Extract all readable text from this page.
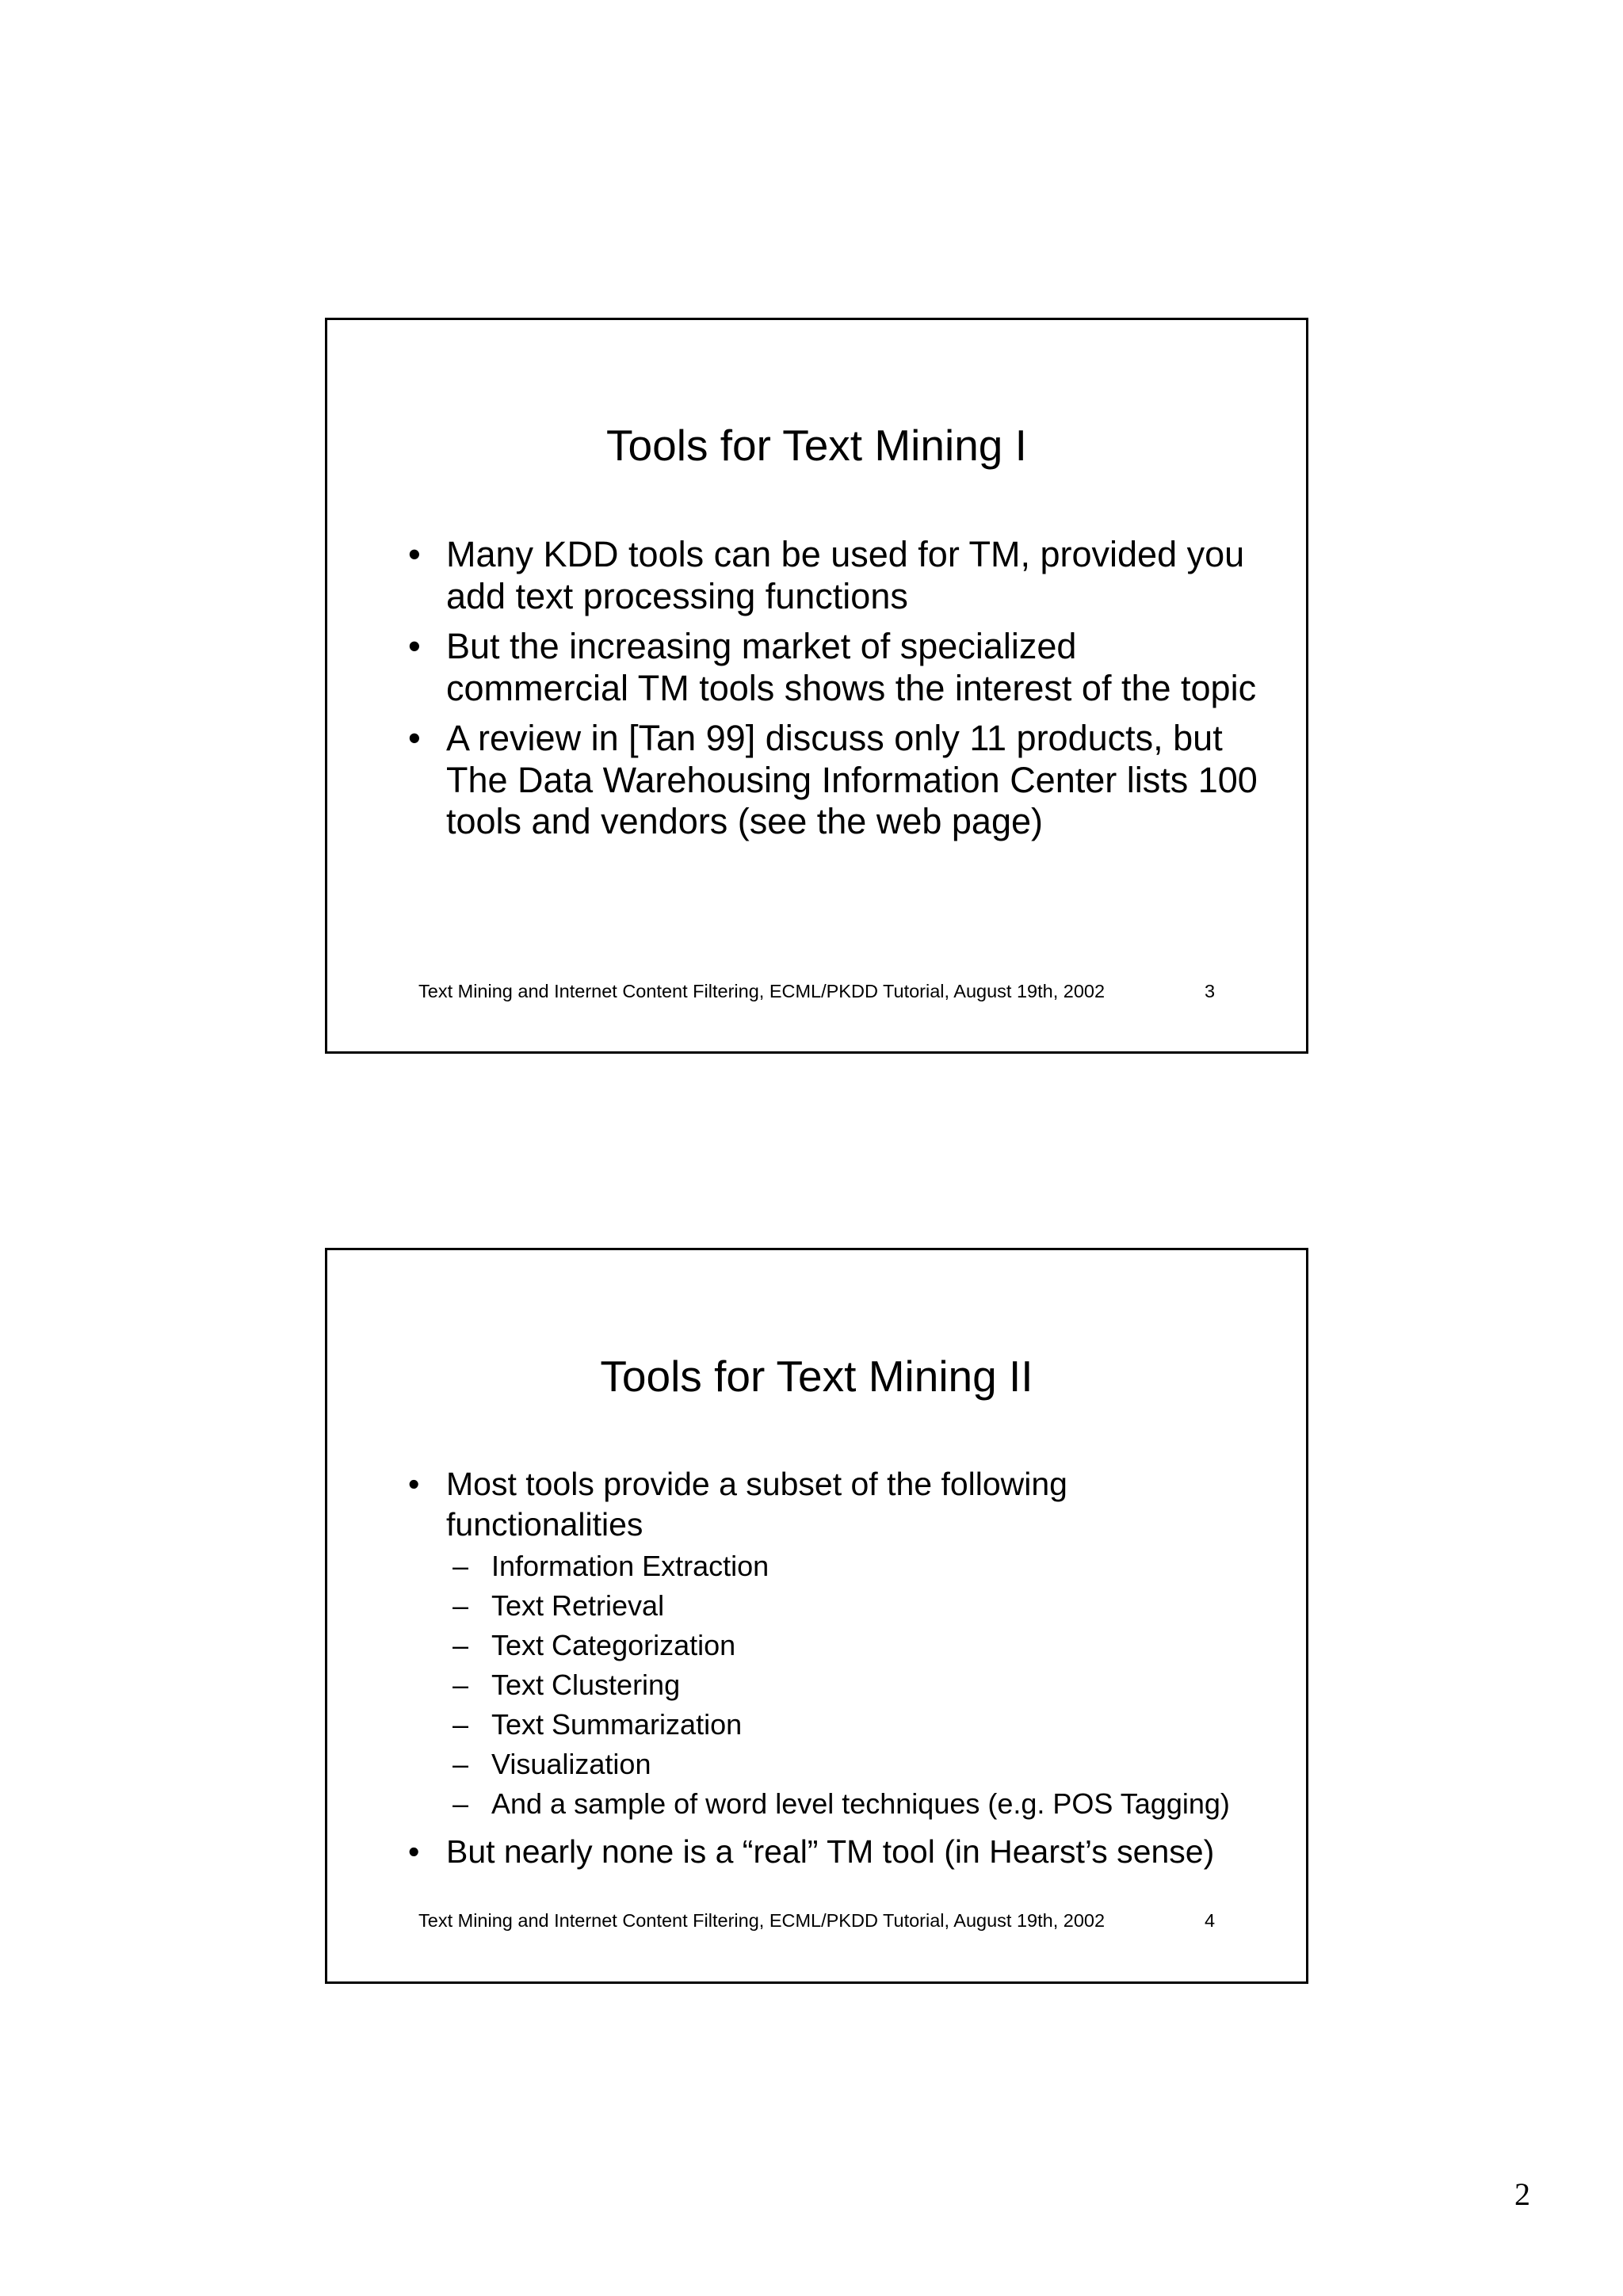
Tools for Text Mining I
• Many KDD tools can be used for TM, provided you add text processing functions
• But the increasing market of specialized commercial TM tools shows the interest of the topic
• A review in [Tan 99] discuss only 11 products, but The Data Warehousing Information Center lists 100 tools and vendors (see the web page)
Text Mining and Internet Content Filtering, ECML/PKDD Tutorial, August 19th, 2002	3
Tools for Text Mining II
• Most tools provide a subset of the following functionalities
– Information Extraction
– Text Retrieval
– Text Categorization
– Text Clustering
– Text Summarization
– Visualization
– And a sample of word level techniques (e.g. POS Tagging)
• But nearly none is a “real” TM tool (in Hearst’s sense)
Text Mining and Internet Content Filtering, ECML/PKDD Tutorial, August 19th, 2002	4
2
